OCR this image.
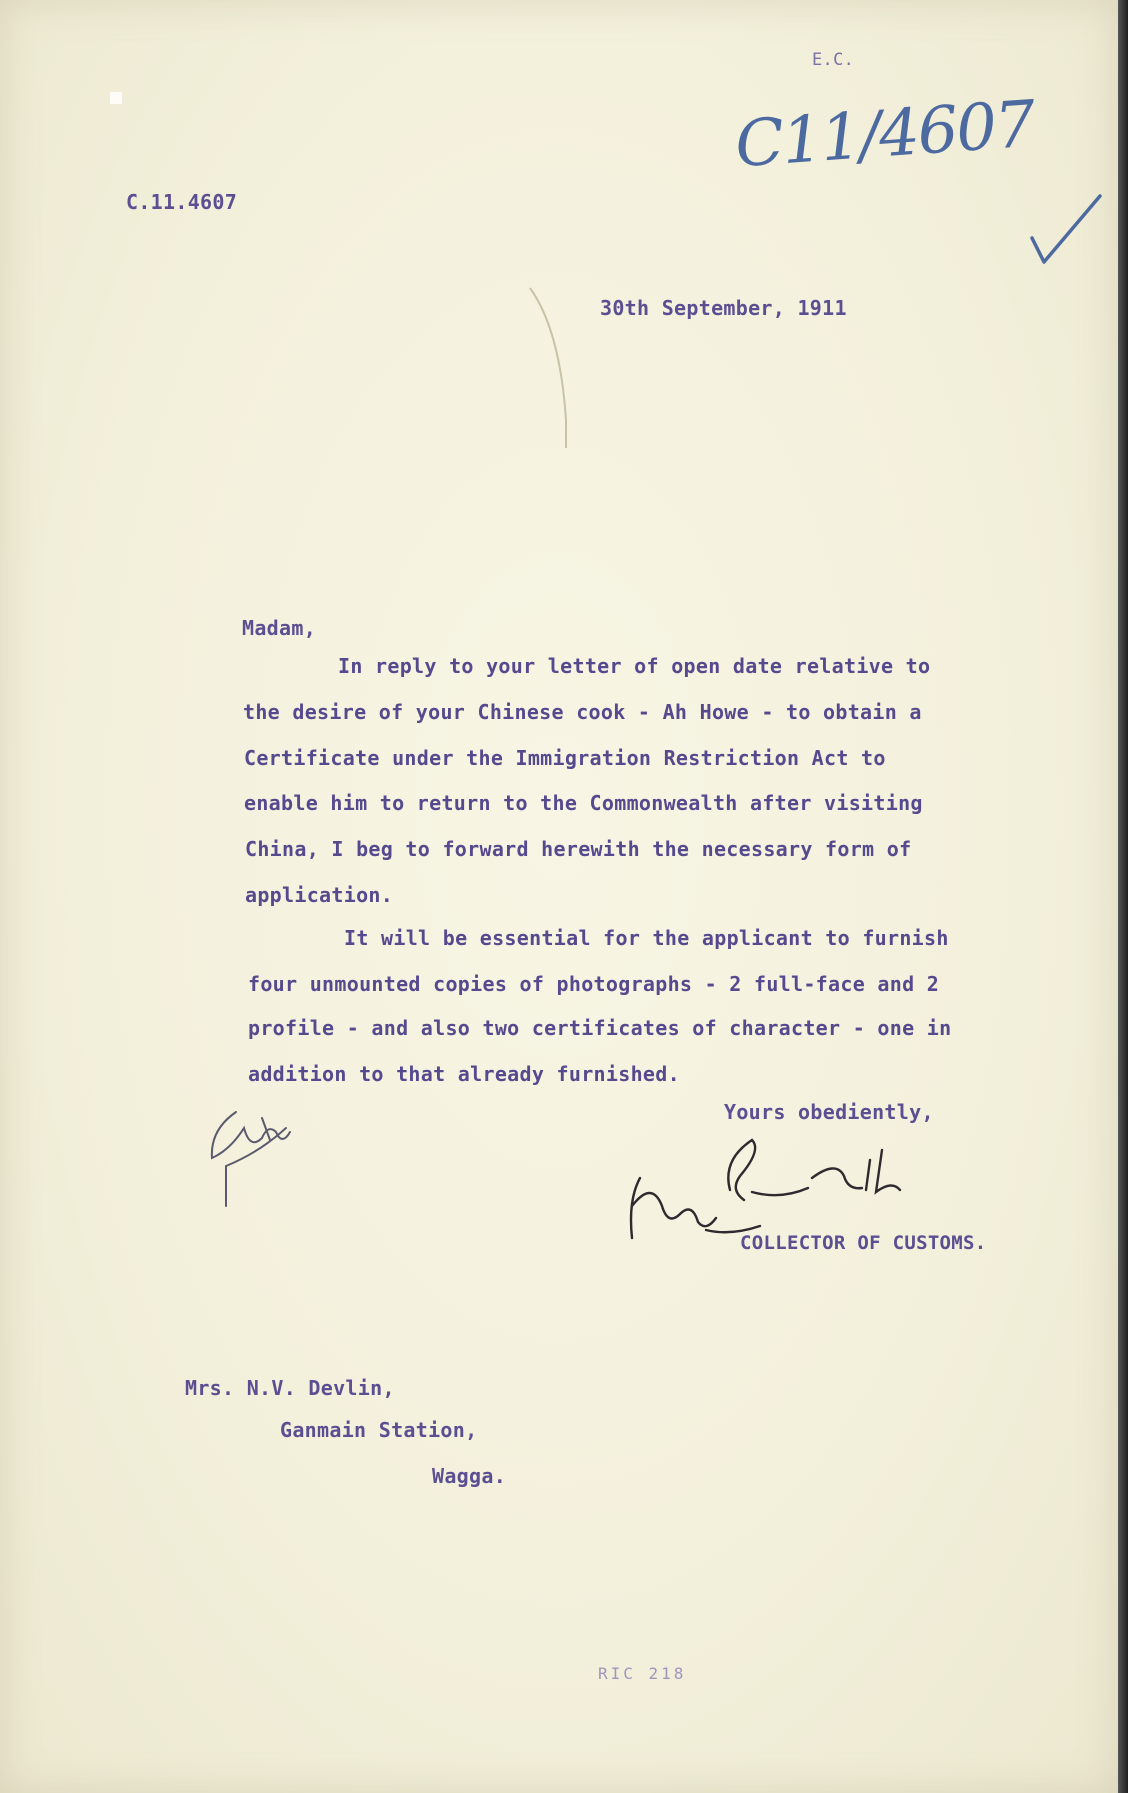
E.C.
C11/4607
C.11.4607
30th September, 1911
Madam,
In reply to your letter of open date relative to
the desire of your Chinese cook - Ah Howe - to obtain a
Certificate under the Immigration Restriction Act to
enable him to return to the Commonwealth after visiting
China, I beg to forward herewith the necessary form of
application.
It will be essential for the applicant to furnish
four unmounted copies of photographs - 2 full-face and 2
profile - and also two certificates of character - one in
addition to that already furnished.
Yours obediently,
COLLECTOR OF CUSTOMS.
Mrs. N.V. Devlin,
Ganmain Station,
Wagga.
RIC 218
